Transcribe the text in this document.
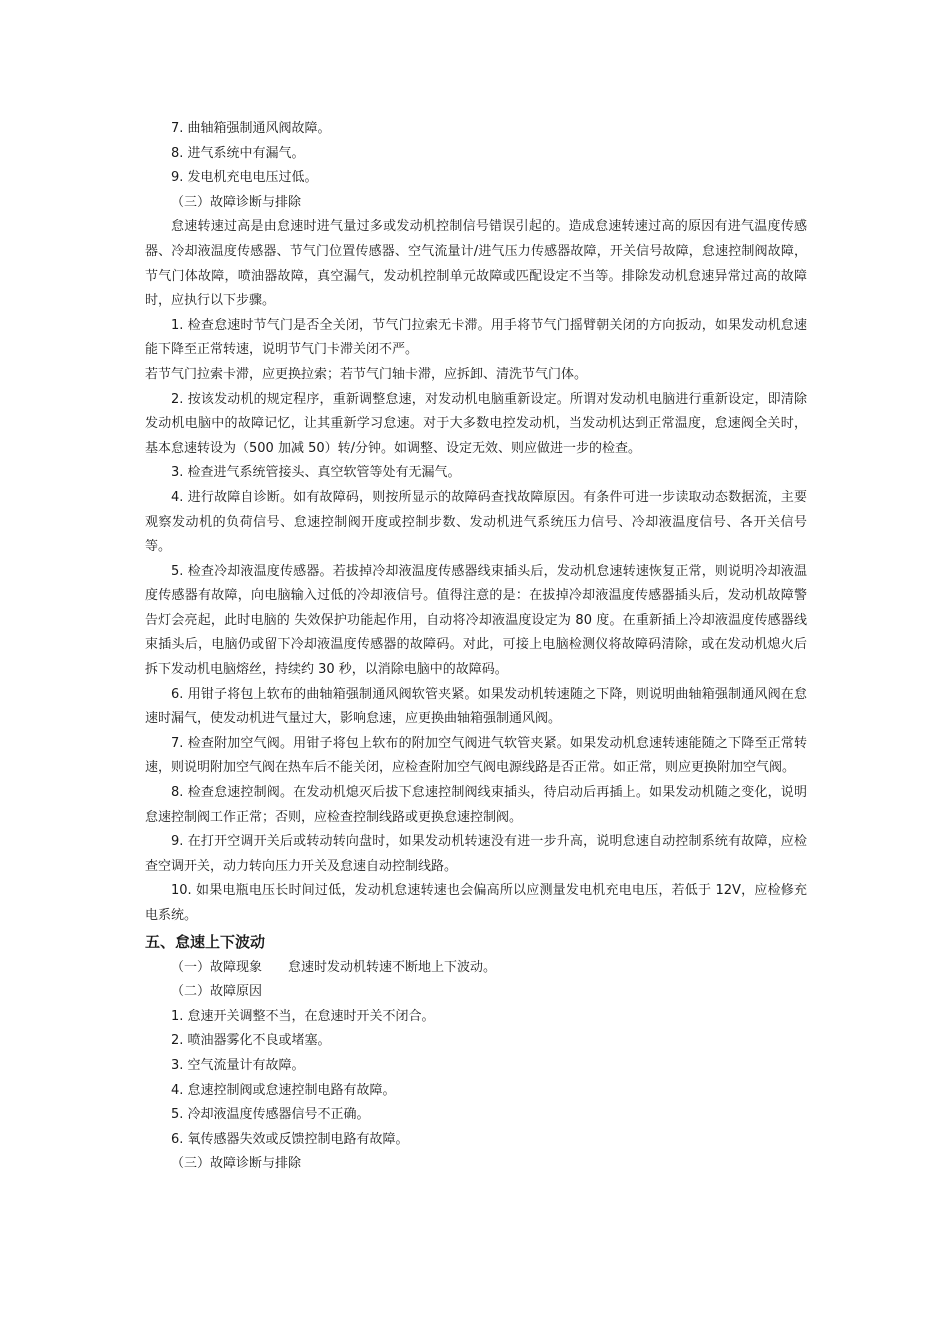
7. 曲轴箱强制通风阀故障。

8. 进气系统中有漏气。

9. 发电机充电电压过低。

（三）故障诊断与排除

怠速转速过高是由怠速时进气量过多或发动机控制信号错误引起的。造成怠速转速过高的原因有进气温度传感器、冷却液温度传感器、节气门位置传感器、空气流量计/进气压力传感器故障，开关信号故障，怠速控制阀故障，节气门体故障，喷油器故障，真空漏气，发动机控制单元故障或匹配设定不当等。排除发动机怠速异常过高的故障时，应执行以下步骤。

1. 检查怠速时节气门是否全关闭，节气门拉索无卡滞。用手将节气门摇臂朝关闭的方向扳动，如果发动机怠速能下降至正常转速，说明节气门卡滞关闭不严。

若节气门拉索卡滞，应更换拉索；若节气门轴卡滞，应拆卸、清洗节气门体。

2. 按该发动机的规定程序，重新调整怠速，对发动机电脑重新设定。所谓对发动机电脑进行重新设定，即清除发动机电脑中的故障记忆，让其重新学习怠速。对于大多数电控发动机，当发动机达到正常温度，怠速阀全关时，基本怠速转设为（500 加减 50）转/分钟。如调整、设定无效、则应做进一步的检查。

3. 检查进气系统管接头、真空软管等处有无漏气。

4. 进行故障自诊断。如有故障码，则按所显示的故障码查找故障原因。有条件可进一步读取动态数据流，主要观察发动机的负荷信号、怠速控制阀开度或控制步数、发动机进气系统压力信号、冷却液温度信号、各开关信号等。

5. 检查冷却液温度传感器。若拔掉冷却液温度传感器线束插头后，发动机怠速转速恢复正常，则说明冷却液温度传感器有故障，向电脑输入过低的冷却液信号。值得注意的是：在拔掉冷却液温度传感器插头后，发动机故障警告灯会亮起，此时电脑的 失效保护功能起作用，自动将冷却液温度设定为 80 度。在重新插上冷却液温度传感器线束插头后，电脑仍或留下冷却液温度传感器的故障码。对此，可接上电脑检测仪将故障码清除，或在发动机熄火后拆下发动机电脑熔丝，持续约 30 秒，以消除电脑中的故障码。

6. 用钳子将包上软布的曲轴箱强制通风阀软管夹紧。如果发动机转速随之下降，则说明曲轴箱强制通风阀在怠速时漏气，使发动机进气量过大，影响怠速，应更换曲轴箱强制通风阀。

7. 检查附加空气阀。用钳子将包上软布的附加空气阀进气软管夹紧。如果发动机怠速转速能随之下降至正常转速，则说明附加空气阀在热车后不能关闭，应检查附加空气阀电源线路是否正常。如正常，则应更换附加空气阀。

8. 检查怠速控制阀。在发动机熄灭后拔下怠速控制阀线束插头，待启动后再插上。如果发动机随之变化，说明怠速控制阀工作正常；否则，应检查控制线路或更换怠速控制阀。

9. 在打开空调开关后或转动转向盘时，如果发动机转速没有进一步升高，说明怠速自动控制系统有故障，应检查空调开关，动力转向压力开关及怠速自动控制线路。

10. 如果电瓶电压长时间过低，发动机怠速转速也会偏高所以应测量发电机充电电压，若低于 12V，应检修充电系统。

五、怠速上下波动

（一）故障现象　　怠速时发动机转速不断地上下波动。

（二）故障原因

1. 怠速开关调整不当，在怠速时开关不闭合。

2. 喷油器雾化不良或堵塞。

3. 空气流量计有故障。

4. 怠速控制阀或怠速控制电路有故障。

5. 冷却液温度传感器信号不正确。

6. 氧传感器失效或反馈控制电路有故障。

（三）故障诊断与排除
